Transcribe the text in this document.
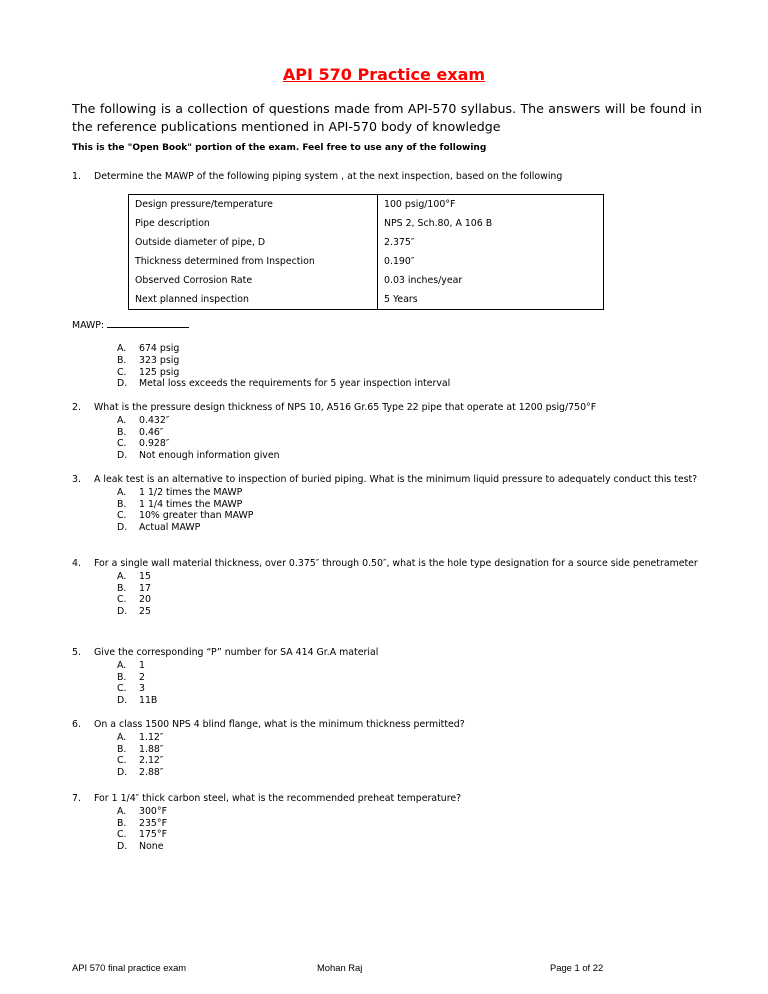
API 570 Practice exam
The following is a collection of questions made from API-570 syllabus. The answers will be found in the reference publications mentioned in API-570 body of knowledge
This is the "Open Book" portion of the exam. Feel free to use any of the following
1. Determine the MAWP of the following piping system , at the next inspection, based on the following
Design pressure/temperature	100 psig/100°F
Pipe description	NPS 2, Sch.80, A 106 B
Outside diameter of pipe, D	2.375″
Thickness determined from Inspection	0.190″
Observed Corrosion Rate	0.03 inches/year
Next planned inspection	5 Years
MAWP:
A. 674 psig
B. 323 psig
C. 125 psig
D. Metal loss exceeds the requirements for 5 year inspection interval
2. What is the pressure design thickness of NPS 10, A516 Gr.65 Type 22 pipe that operate at 1200 psig/750°F
A. 0.432″
B. 0.46″
C. 0.928″
D. Not enough information given
3. A leak test is an alternative to inspection of buried piping. What is the minimum liquid pressure to adequately conduct this test?
A. 1 1/2 times the MAWP
B. 1 1/4 times the MAWP
C. 10% greater than MAWP
D. Actual MAWP
4. For a single wall material thickness, over 0.375″ through 0.50″, what is the hole type designation for a source side penetrameter
A. 15
B. 17
C. 20
D. 25
5. Give the corresponding “P” number for SA 414 Gr.A material
A. 1
B. 2
C. 3
D. 11B
6. On a class 1500 NPS 4 blind flange, what is the minimum thickness permitted?
A. 1.12″
B. 1.88″
C. 2.12″
D. 2.88″
7. For 1 1/4″ thick carbon steel, what is the recommended preheat temperature?
A. 300°F
B. 235°F
C. 175°F
D. None
API 570 final practice exam	Mohan Raj	Page 1 of 22
